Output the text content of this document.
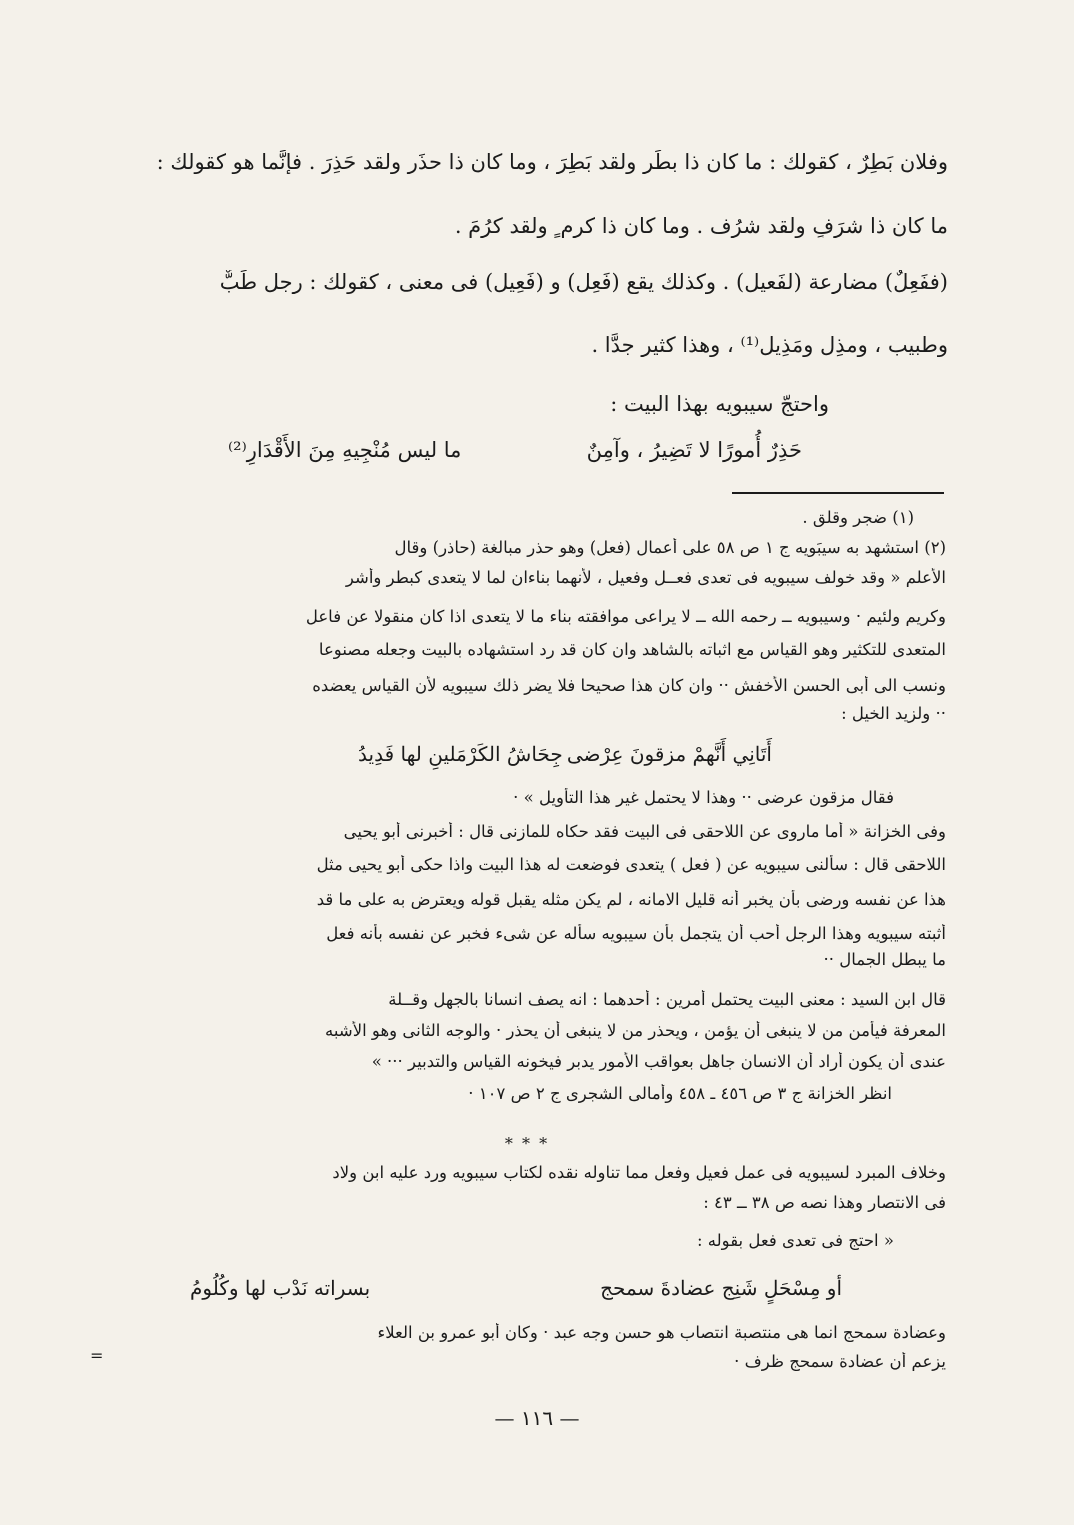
وفلان بَطِرٌ ، كقولك : ما كان ذا بطَرٍ ولقد بَطِرَ ، وما كان ذا حذَر ولقد حَذِرَ . فإنَّما هو كقولك :

ما كان ذا شرَفٍ ولقد شرُف . وما كان ذا كرم ٍ ولقد كرُمَ .

(ففَعِلٌ) مضارعة (لفَعيل) . وكذلك يقع (فَعِل) و (فَعِيل) فى معنى ، كقولك : رجل طَبٌّ

وطبيب ، ومذِل ومَذِيل⁽¹⁾ ، وهذا كثير جدًّا .

واحتجّ سيبويه بهذا البيت :

حَذِرٌ أُمورًا لا تَضِيرُ ، وآمِنٌ

ما ليس مُنْجِيهِ مِنَ الأَقْدَارِ⁽²⁾

(١) ضجر وقلق .

(٢) استشهد به سيبَويه ج ١ ص ٥٨ على أعمال (فعل) وهو حذر مبالغة (حاذر) وقال

الأعلم « وقد خولف سيبويه فى تعدى فعــل وفعيل ، لأنهما بناءان لما لا يتعدى كبطر وأشر

وكريم ولئيم · وسيبويه ــ رحمه الله ــ لا يراعى موافقته بناء ما لا يتعدى اذا كان منقولا عن فاعل

المتعدى للتكثير وهو القياس مع اثباته بالشاهد وان كان قد رد استشهاده بالبيت وجعله مصنوعا

ونسب الى أبى الحسن الأخفش ·· وان كان هذا صحيحا فلا يضر ذلك سيبويه لأن القياس يعضده

·· ولزيد الخيل :

أَتَانِي أَنَّهمْ مزقونَ عِرْضى

جِحَاشُ الكَرْمَلينِ لها فَدِيدُ

فقال مزقون عرضى ·· وهذا لا يحتمل غير هذا التأويل » ·

وفى الخزانة « أما ماروى عن اللاحقى فى البيت فقد حكاه للمازنى قال : أخبرنى أبو يحيى

اللاحقى قال : سألنى سيبويه عن ( فعل ) يتعدى فوضعت له هذا البيت واذا حكى أبو يحيى مثل

هذا عن نفسه ورضى بأن يخبر أنه قليل الامانه ، لم يكن مثله يقبل قوله ويعترض به على ما قد

أثبته سيبويه وهذا الرجل أحب أن يتجمل بأن سيبويه سأله عن شىء فخبر عن نفسه بأنه فعل

ما يبطل الجمال ··

قال ابن السيد : معنى البيت يحتمل أمرين : أحدهما : انه يصف انسانا بالجهل وقــلة

المعرفة فيأمن من لا ينبغى أن يؤمن ، ويحذر من لا ينبغى أن يحذر · والوجه الثانى وهو الأشبه

عندى أن يكون أراد أن الانسان جاهل بعواقب الأمور يدبر فيخونه القياس والتدبير ··· »

انظر الخزانة ج ٣ ص ٤٥٦ ـ ٤٥٨ وأمالى الشجرى ج ٢ ص ١٠٧ ·

* * *

وخلاف المبرد لسيبويه فى عمل فعيل وفعل مما تناوله نقده لكتاب سيبويه ورد عليه ابن ولاد

فى الانتصار وهذا نصه ص ٣٨ ــ ٤٣ :

« احتج فى تعدى فعل بقوله :

أو مِسْحَلٍ شَنِج عضادةَ سمحج

بسراته نَدْب لها وكُلُومُ

وعضادة سمحج انما هى منتصبة انتصاب هو حسن وجه عبد · وكان أبو عمرو بن العلاء

يزعم أن عضادة سمحج ظرف ·

=

— ١١٦ —
